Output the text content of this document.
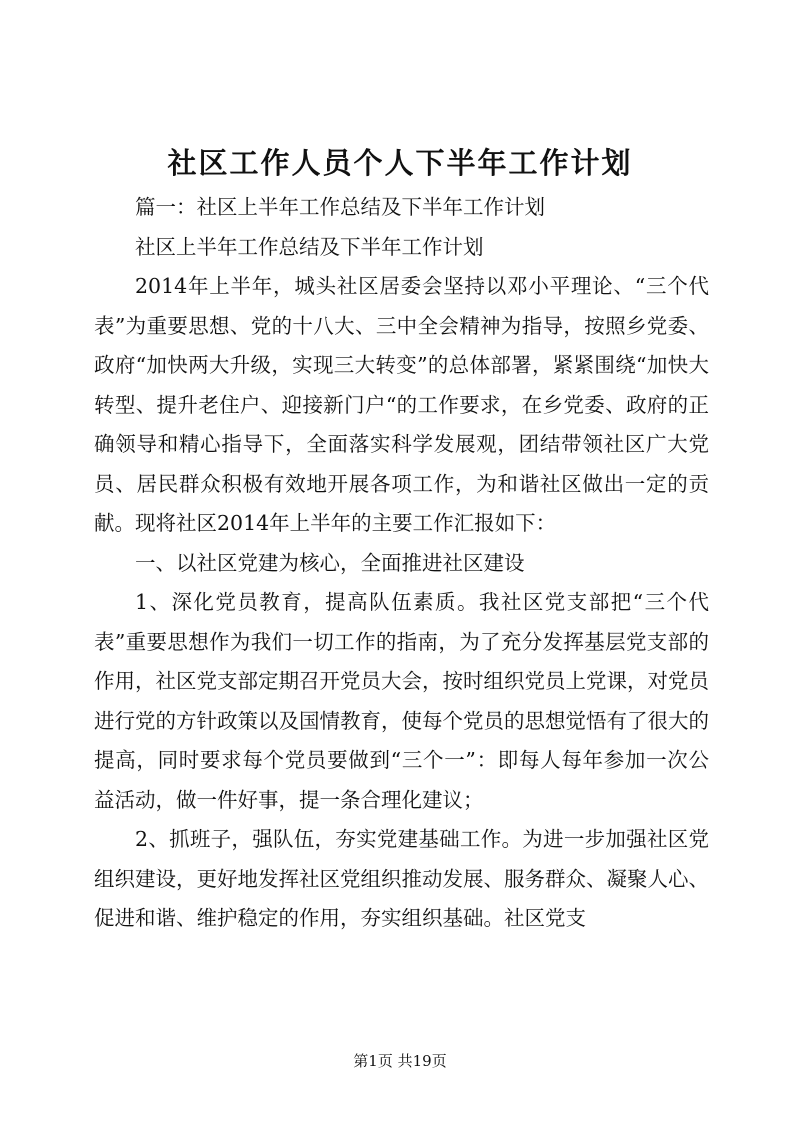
社区工作人员个人下半年工作计划

篇一：社区上半年工作总结及下半年工作计划

社区上半年工作总结及下半年工作计划

2014年上半年，城头社区居委会坚持以邓小平理论、“三个代表”为重要思想、党的十八大、三中全会精神为指导，按照乡党委、政府“加快两大升级，实现三大转变”的总体部署，紧紧围绕“加快大转型、提升老住户、迎接新门户“的工作要求，在乡党委、政府的正确领导和精心指导下，全面落实科学发展观，团结带领社区广大党员、居民群众积极有效地开展各项工作，为和谐社区做出一定的贡献。现将社区2014年上半年的主要工作汇报如下：

一、以社区党建为核心，全面推进社区建设

1、深化党员教育，提高队伍素质。我社区党支部把“三个代表”重要思想作为我们一切工作的指南，为了充分发挥基层党支部的作用，社区党支部定期召开党员大会，按时组织党员上党课，对党员进行党的方针政策以及国情教育，使每个党员的思想觉悟有了很大的提高，同时要求每个党员要做到“三个一”：即每人每年参加一次公益活动，做一件好事，提一条合理化建议；

2、抓班子，强队伍，夯实党建基础工作。为进一步加强社区党组织建设，更好地发挥社区党组织推动发展、服务群众、凝聚人心、促进和谐、维护稳定的作用，夯实组织基础。社区党支

第1页 共19页
